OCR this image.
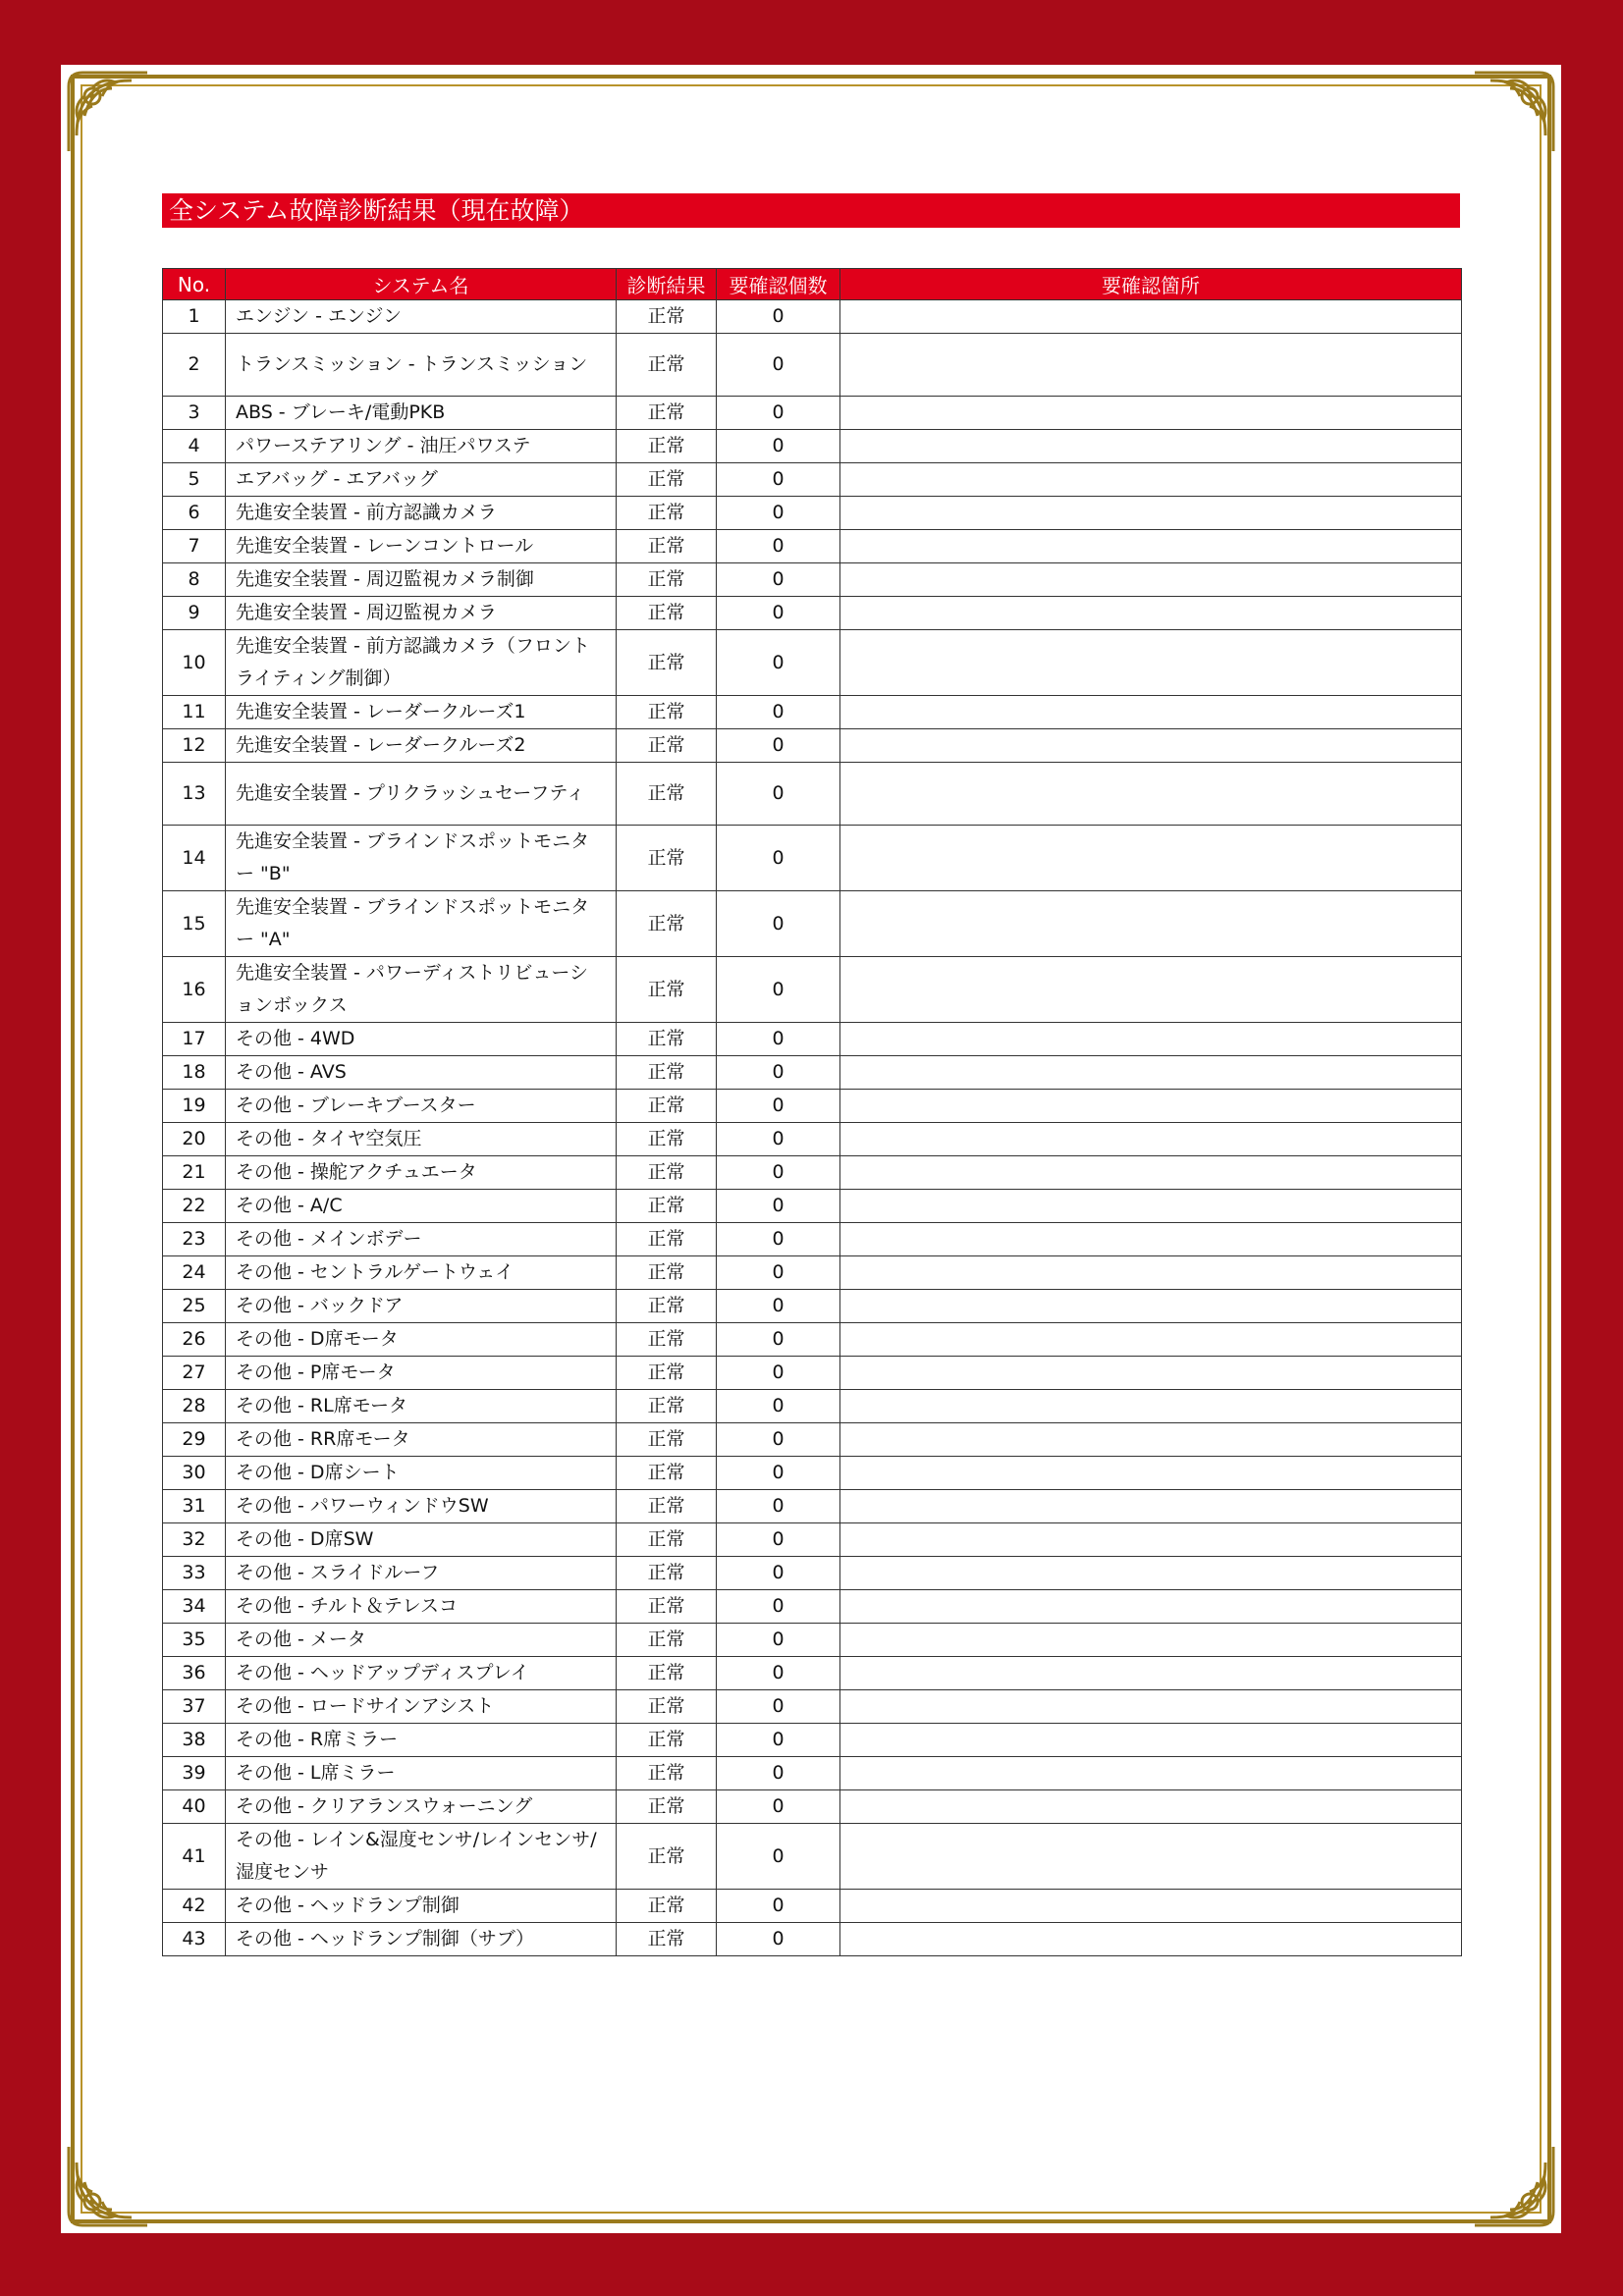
全システム故障診断結果（現在故障）
No.	システム名	診断結果	要確認個数	要確認箇所
1	エンジン - エンジン	正常	0	
2	トランスミッション - トランスミッション	正常	0	
3	ABS - ブレーキ/電動PKB	正常	0	
4	パワーステアリング - 油圧パワステ	正常	0	
5	エアバッグ - エアバッグ	正常	0	
6	先進安全装置 - 前方認識カメラ	正常	0	
7	先進安全装置 - レーンコントロール	正常	0	
8	先進安全装置 - 周辺監視カメラ制御	正常	0	
9	先進安全装置 - 周辺監視カメラ	正常	0	
10	先進安全装置 - 前方認識カメラ（フロントライティング制御）	正常	0	
11	先進安全装置 - レーダークルーズ1	正常	0	
12	先進安全装置 - レーダークルーズ2	正常	0	
13	先進安全装置 - プリクラッシュセーフティ	正常	0	
14	先進安全装置 - ブラインドスポットモニター "B"	正常	0	
15	先進安全装置 - ブラインドスポットモニター "A"	正常	0	
16	先進安全装置 - パワーディストリビューションボックス	正常	0	
17	その他 - 4WD	正常	0	
18	その他 - AVS	正常	0	
19	その他 - ブレーキブースター	正常	0	
20	その他 - タイヤ空気圧	正常	0	
21	その他 - 操舵アクチュエータ	正常	0	
22	その他 - A/C	正常	0	
23	その他 - メインボデー	正常	0	
24	その他 - セントラルゲートウェイ	正常	0	
25	その他 - バックドア	正常	0	
26	その他 - D席モータ	正常	0	
27	その他 - P席モータ	正常	0	
28	その他 - RL席モータ	正常	0	
29	その他 - RR席モータ	正常	0	
30	その他 - D席シート	正常	0	
31	その他 - パワーウィンドウSW	正常	0	
32	その他 - D席SW	正常	0	
33	その他 - スライドルーフ	正常	0	
34	その他 - チルト＆テレスコ	正常	0	
35	その他 - メータ	正常	0	
36	その他 - ヘッドアップディスプレイ	正常	0	
37	その他 - ロードサインアシスト	正常	0	
38	その他 - R席ミラー	正常	0	
39	その他 - L席ミラー	正常	0	
40	その他 - クリアランスウォーニング	正常	0	
41	その他 - レイン&湿度センサ/レインセンサ/湿度センサ	正常	0	
42	その他 - ヘッドランプ制御	正常	0	
43	その他 - ヘッドランプ制御（サブ）	正常	0	
